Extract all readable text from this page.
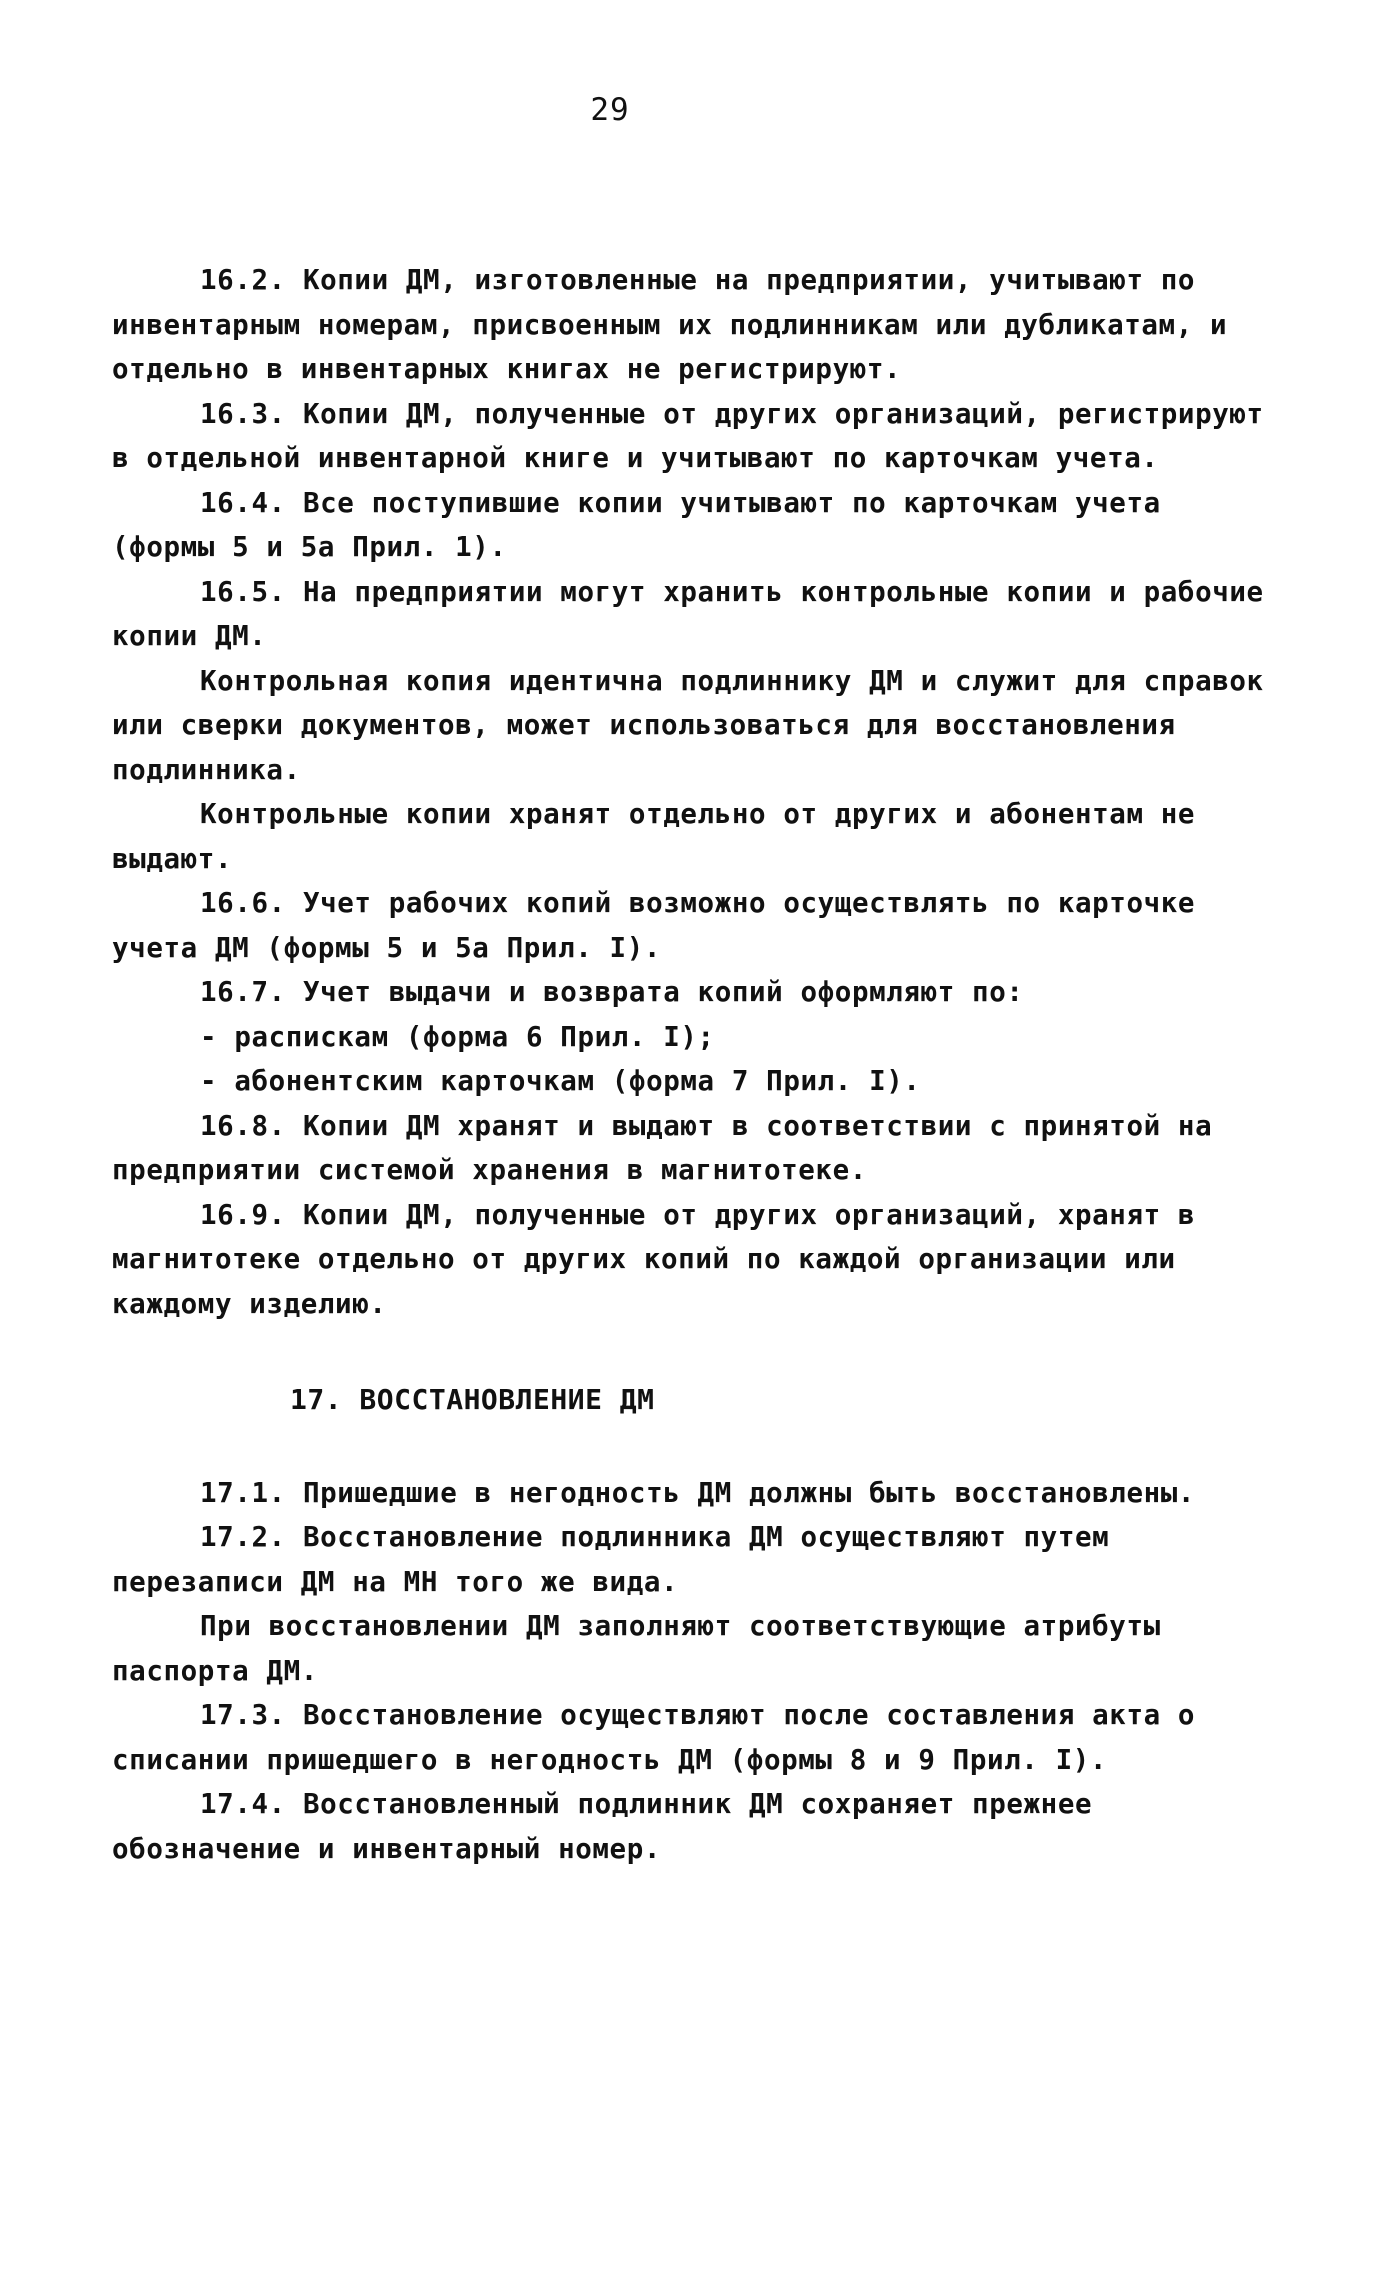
29

16.2. Копии ДМ, изготовленные на предприятии, учитывают по инвентарным номерам, присвоенным их подлинникам или дубликатам, и отдельно в инвентарных книгах не регистрируют.

16.3. Копии ДМ, полученные от других организаций, регистрируют в отдельной инвентарной книге и учитывают по карточкам учета.

16.4. Все поступившие копии учитывают по карточкам учета (формы 5 и 5а Прил. 1).

16.5. На предприятии могут хранить контрольные копии и рабочие копии ДМ.

Контрольная копия идентична подлиннику ДМ и служит для справок или сверки документов, может использоваться для восстановления подлинника.

Контрольные копии хранят отдельно от других и абонентам не выдают.

16.6. Учет рабочих копий возможно осуществлять по карточке учета ДМ (формы 5 и 5а Прил. I).

16.7. Учет выдачи и возврата копий оформляют по:

- распискам (форма 6 Прил. I);

- абонентским карточкам (форма 7 Прил. I).

16.8. Копии ДМ хранят и выдают в соответствии с принятой на предприятии системой хранения в магнитотеке.

16.9. Копии ДМ, полученные от других организаций, хранят в магнитотеке отдельно от других копий по каждой организации или каждому изделию.

17. ВОССТАНОВЛЕНИЕ ДМ

17.1. Пришедшие в негодность ДМ должны быть восстановлены.

17.2. Восстановление подлинника ДМ осуществляют путем перезаписи ДМ на МН того же вида.

При восстановлении ДМ заполняют соответствующие атрибуты паспорта ДМ.

17.3. Восстановление осуществляют после составления акта о списании пришедшего в негодность ДМ (формы 8 и 9 Прил. I).

17.4. Восстановленный подлинник ДМ сохраняет прежнее обозначение и инвентарный номер.
